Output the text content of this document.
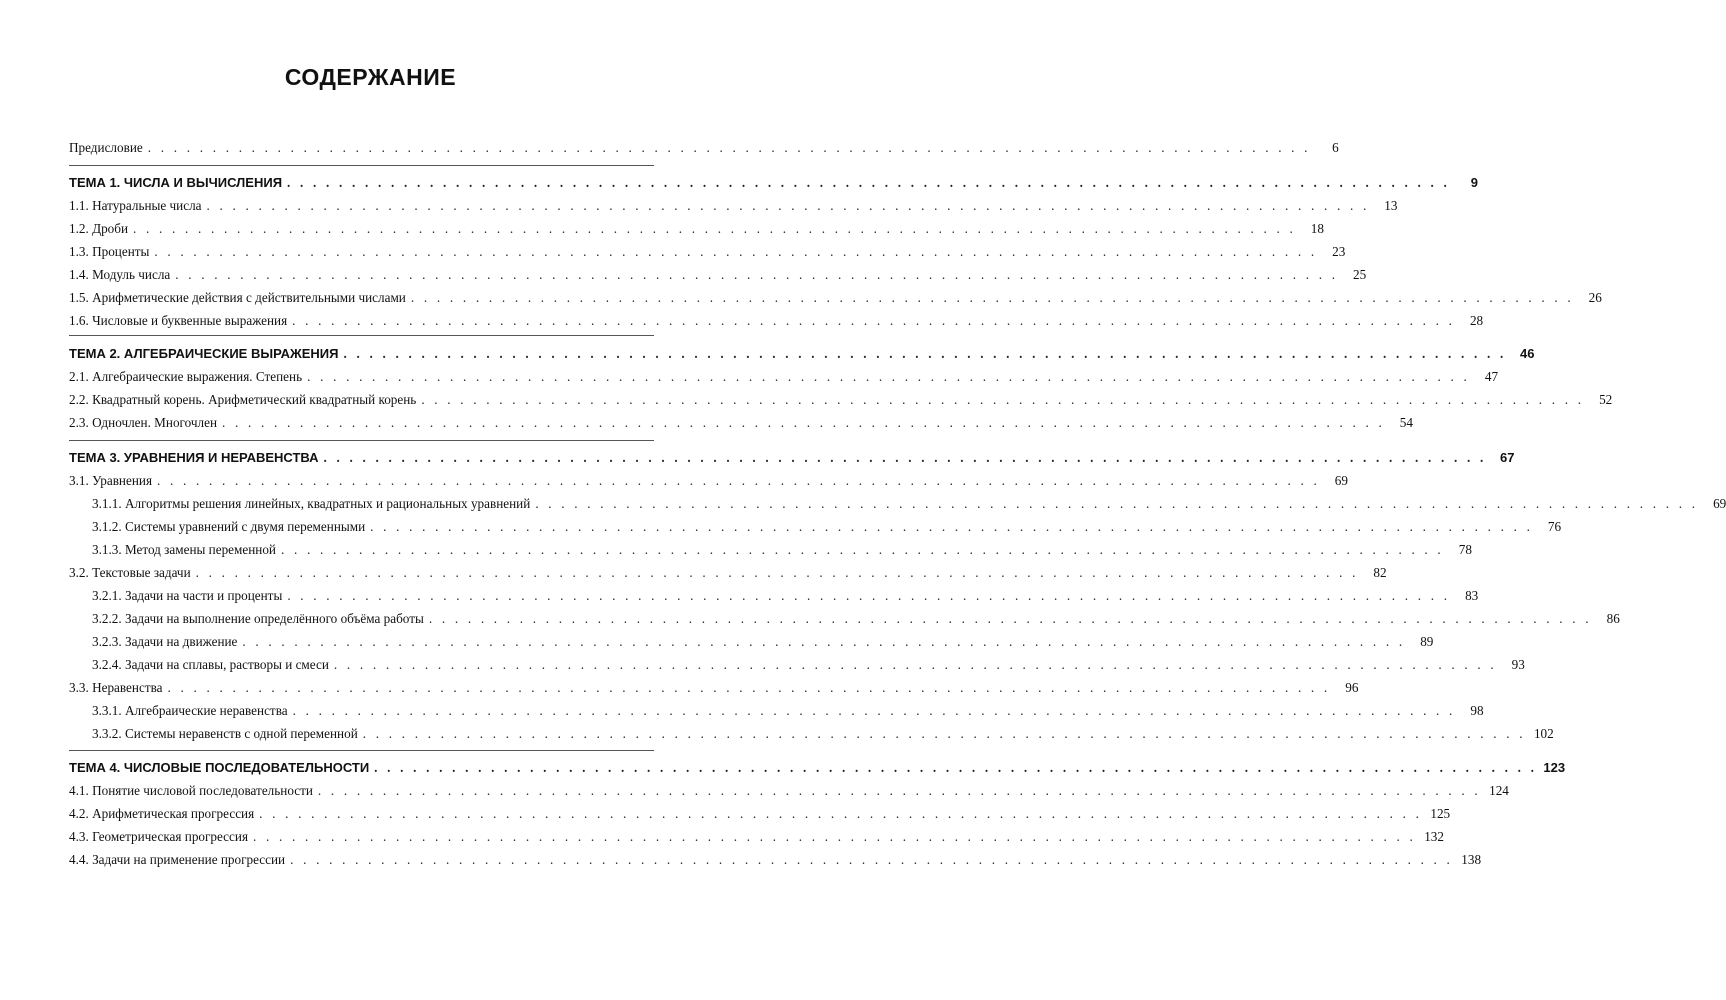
СОДЕРЖАНИЕ
Предисловие . . . . . . . . . . . . . . . . . . . . . . . . . . . . . . . . . . . . . . . . . . . . . . . . . . . . . . . . . . . . . . . . . . . . . . . . . . . . . . . . . . . . . . . . . .	6
ТЕМА 1. ЧИСЛА И ВЫЧИСЛЕНИЯ . . . . . . . . . . . . . . . . . . . . . . . . . . . . . . . . . . . . . . . . . . . . . . . . . . . . . . . . . . . . . . . . . . . . . . . . . . . . . . . . . . . . . . . . . .	9
1.1. Натуральные числа . . . . . . . . . . . . . . . . . . . . . . . . . . . . . . . . . . . . . . . . . . . . . . . . . . . . . . . . . . . . . . . . . . . . . . . . . . . . . . . . . . . . . . . . . .	13
1.2. Дроби . . . . . . . . . . . . . . . . . . . . . . . . . . . . . . . . . . . . . . . . . . . . . . . . . . . . . . . . . . . . . . . . . . . . . . . . . . . . . . . . . . . . . . . . . .	18
1.3. Проценты . . . . . . . . . . . . . . . . . . . . . . . . . . . . . . . . . . . . . . . . . . . . . . . . . . . . . . . . . . . . . . . . . . . . . . . . . . . . . . . . . . . . . . . . . .	23
1.4. Модуль числа . . . . . . . . . . . . . . . . . . . . . . . . . . . . . . . . . . . . . . . . . . . . . . . . . . . . . . . . . . . . . . . . . . . . . . . . . . . . . . . . . . . . . . . . . .	25
1.5. Арифметические действия с действительными числами . . . . . . . . . . . . . . . . . . . . . . . . . . . . . . . . . . . . . . . . . . . . . . . . . . . . . . . . . . . . . . . . . . . . . . . . . . . . . . . . . . . . . . . . . .	26
1.6. Числовые и буквенные выражения . . . . . . . . . . . . . . . . . . . . . . . . . . . . . . . . . . . . . . . . . . . . . . . . . . . . . . . . . . . . . . . . . . . . . . . . . . . . . . . . . . . . . . . . . .	28
ТЕМА 2. АЛГЕБРАИЧЕСКИЕ ВЫРАЖЕНИЯ . . . . . . . . . . . . . . . . . . . . . . . . . . . . . . . . . . . . . . . . . . . . . . . . . . . . . . . . . . . . . . . . . . . . . . . . . . . . . . . . . . . . . . . . . .	46
2.1. Алгебраические выражения. Степень . . . . . . . . . . . . . . . . . . . . . . . . . . . . . . . . . . . . . . . . . . . . . . . . . . . . . . . . . . . . . . . . . . . . . . . . . . . . . . . . . . . . . . . . . .	47
2.2. Квадратный корень. Арифметический квадратный корень . . . . . . . . . . . . . . . . . . . . . . . . . . . . . . . . . . . . . . . . . . . . . . . . . . . . . . . . . . . . . . . . . . . . . . . . . . . . . . . . . . . . . . . . . .	52
2.3. Одночлен. Многочлен . . . . . . . . . . . . . . . . . . . . . . . . . . . . . . . . . . . . . . . . . . . . . . . . . . . . . . . . . . . . . . . . . . . . . . . . . . . . . . . . . . . . . . . . . .	54
ТЕМА 3. УРАВНЕНИЯ И НЕРАВЕНСТВА . . . . . . . . . . . . . . . . . . . . . . . . . . . . . . . . . . . . . . . . . . . . . . . . . . . . . . . . . . . . . . . . . . . . . . . . . . . . . . . . . . . . . . . . . .	67
3.1. Уравнения . . . . . . . . . . . . . . . . . . . . . . . . . . . . . . . . . . . . . . . . . . . . . . . . . . . . . . . . . . . . . . . . . . . . . . . . . . . . . . . . . . . . . . . . . .	69
3.1.1. Алгоритмы решения линейных, квадратных и рациональных уравнений . . . . . . . . . . . . . . . . . . . . . . . . . . . . . . . . . . . . . . . . . . . . . . . . . . . . . . . . . . . . . . . . . . . . . . . . . . . . . . . . . . . . . . . . . .	69
3.1.2. Системы уравнений с двумя переменными . . . . . . . . . . . . . . . . . . . . . . . . . . . . . . . . . . . . . . . . . . . . . . . . . . . . . . . . . . . . . . . . . . . . . . . . . . . . . . . . . . . . . . . . . .	76
3.1.3. Метод замены переменной . . . . . . . . . . . . . . . . . . . . . . . . . . . . . . . . . . . . . . . . . . . . . . . . . . . . . . . . . . . . . . . . . . . . . . . . . . . . . . . . . . . . . . . . . .	78
3.2. Текстовые задачи . . . . . . . . . . . . . . . . . . . . . . . . . . . . . . . . . . . . . . . . . . . . . . . . . . . . . . . . . . . . . . . . . . . . . . . . . . . . . . . . . . . . . . . . . .	82
3.2.1. Задачи на части и проценты . . . . . . . . . . . . . . . . . . . . . . . . . . . . . . . . . . . . . . . . . . . . . . . . . . . . . . . . . . . . . . . . . . . . . . . . . . . . . . . . . . . . . . . . . .	83
3.2.2. Задачи на выполнение определённого объёма работы . . . . . . . . . . . . . . . . . . . . . . . . . . . . . . . . . . . . . . . . . . . . . . . . . . . . . . . . . . . . . . . . . . . . . . . . . . . . . . . . . . . . . . . . . .	86
3.2.3. Задачи на движение . . . . . . . . . . . . . . . . . . . . . . . . . . . . . . . . . . . . . . . . . . . . . . . . . . . . . . . . . . . . . . . . . . . . . . . . . . . . . . . . . . . . . . . . . .	89
3.2.4. Задачи на сплавы, растворы и смеси . . . . . . . . . . . . . . . . . . . . . . . . . . . . . . . . . . . . . . . . . . . . . . . . . . . . . . . . . . . . . . . . . . . . . . . . . . . . . . . . . . . . . . . . . .	93
3.3. Неравенства . . . . . . . . . . . . . . . . . . . . . . . . . . . . . . . . . . . . . . . . . . . . . . . . . . . . . . . . . . . . . . . . . . . . . . . . . . . . . . . . . . . . . . . . . .	96
3.3.1. Алгебраические неравенства . . . . . . . . . . . . . . . . . . . . . . . . . . . . . . . . . . . . . . . . . . . . . . . . . . . . . . . . . . . . . . . . . . . . . . . . . . . . . . . . . . . . . . . . . .	98
3.3.2. Системы неравенств с одной переменной . . . . . . . . . . . . . . . . . . . . . . . . . . . . . . . . . . . . . . . . . . . . . . . . . . . . . . . . . . . . . . . . . . . . . . . . . . . . . . . . . . . . . . . . . . 102
ТЕМА 4. ЧИСЛОВЫЕ ПОСЛЕДОВАТЕЛЬНОСТИ . . . . . . . . . . . . . . . . . . . . . . . . . . . . . . . . . . . . . . . . . . . . . . . . . . . . . . . . . . . . . . . . . . . . . . . . . . . . . . . . . . . . . . . . . . 123
4.1. Понятие числовой последовательности . . . . . . . . . . . . . . . . . . . . . . . . . . . . . . . . . . . . . . . . . . . . . . . . . . . . . . . . . . . . . . . . . . . . . . . . . . . . . . . . . . . . . . . . . . 124
4.2. Арифметическая прогрессия . . . . . . . . . . . . . . . . . . . . . . . . . . . . . . . . . . . . . . . . . . . . . . . . . . . . . . . . . . . . . . . . . . . . . . . . . . . . . . . . . . . . . . . . . . 125
4.3. Геометрическая прогрессия . . . . . . . . . . . . . . . . . . . . . . . . . . . . . . . . . . . . . . . . . . . . . . . . . . . . . . . . . . . . . . . . . . . . . . . . . . . . . . . . . . . . . . . . . . 132
4.4. Задачи на применение прогрессии . . . . . . . . . . . . . . . . . . . . . . . . . . . . . . . . . . . . . . . . . . . . . . . . . . . . . . . . . . . . . . . . . . . . . . . . . . . . . . . . . . . . . . . . . . 138
